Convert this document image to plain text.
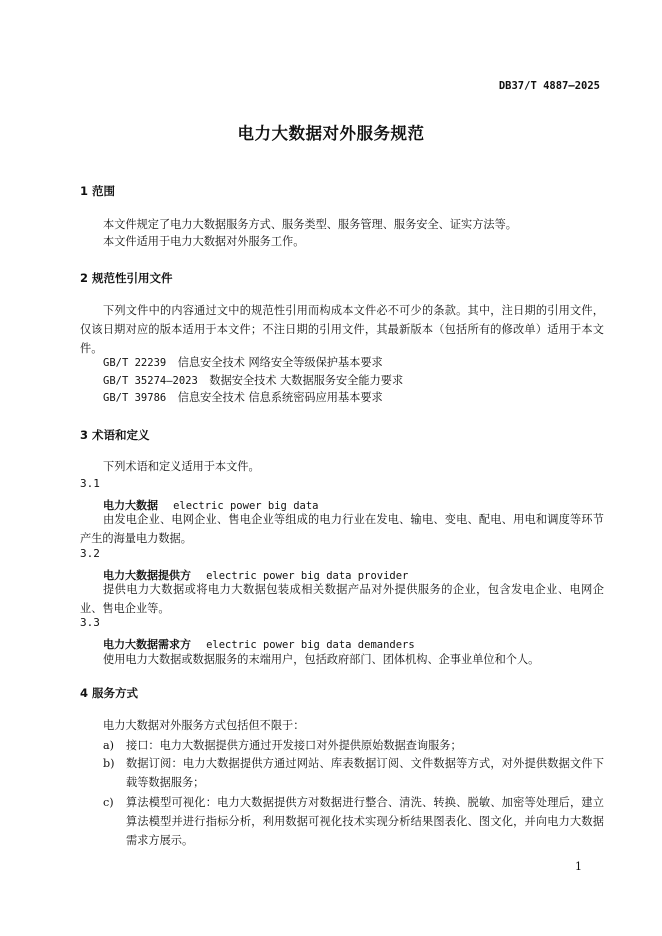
DB37/T 4887—2025
电力大数据对外服务规范
1 范围
本文件规定了电力大数据服务方式、服务类型、服务管理、服务安全、证实方法等。
本文件适用于电力大数据对外服务工作。
2 规范性引用文件
下列文件中的内容通过文中的规范性引用而构成本文件必不可少的条款。其中，注日期的引用文件，仅该日期对应的版本适用于本文件；不注日期的引用文件，其最新版本（包括所有的修改单）适用于本文件。
GB/T 22239 信息安全技术 网络安全等级保护基本要求
GB/T 35274—2023 数据安全技术 大数据服务安全能力要求
GB/T 39786 信息安全技术 信息系统密码应用基本要求
3 术语和定义
下列术语和定义适用于本文件。
3.1
电力大数据 electric power big data
由发电企业、电网企业、售电企业等组成的电力行业在发电、输电、变电、配电、用电和调度等环节产生的海量电力数据。
3.2
电力大数据提供方 electric power big data provider
提供电力大数据或将电力大数据包装成相关数据产品对外提供服务的企业，包含发电企业、电网企业、售电企业等。
3.3
电力大数据需求方 electric power big data demanders
使用电力大数据或数据服务的末端用户，包括政府部门、团体机构、企事业单位和个人。
4 服务方式
电力大数据对外服务方式包括但不限于：
a) 接口：电力大数据提供方通过开发接口对外提供原始数据查询服务；
b) 数据订阅：电力大数据提供方通过网站、库表数据订阅、文件数据等方式，对外提供数据文件下载等数据服务；
c) 算法模型可视化：电力大数据提供方对数据进行整合、清洗、转换、脱敏、加密等处理后，建立算法模型并进行指标分析，利用数据可视化技术实现分析结果图表化、图文化，并向电力大数据需求方展示。
1
